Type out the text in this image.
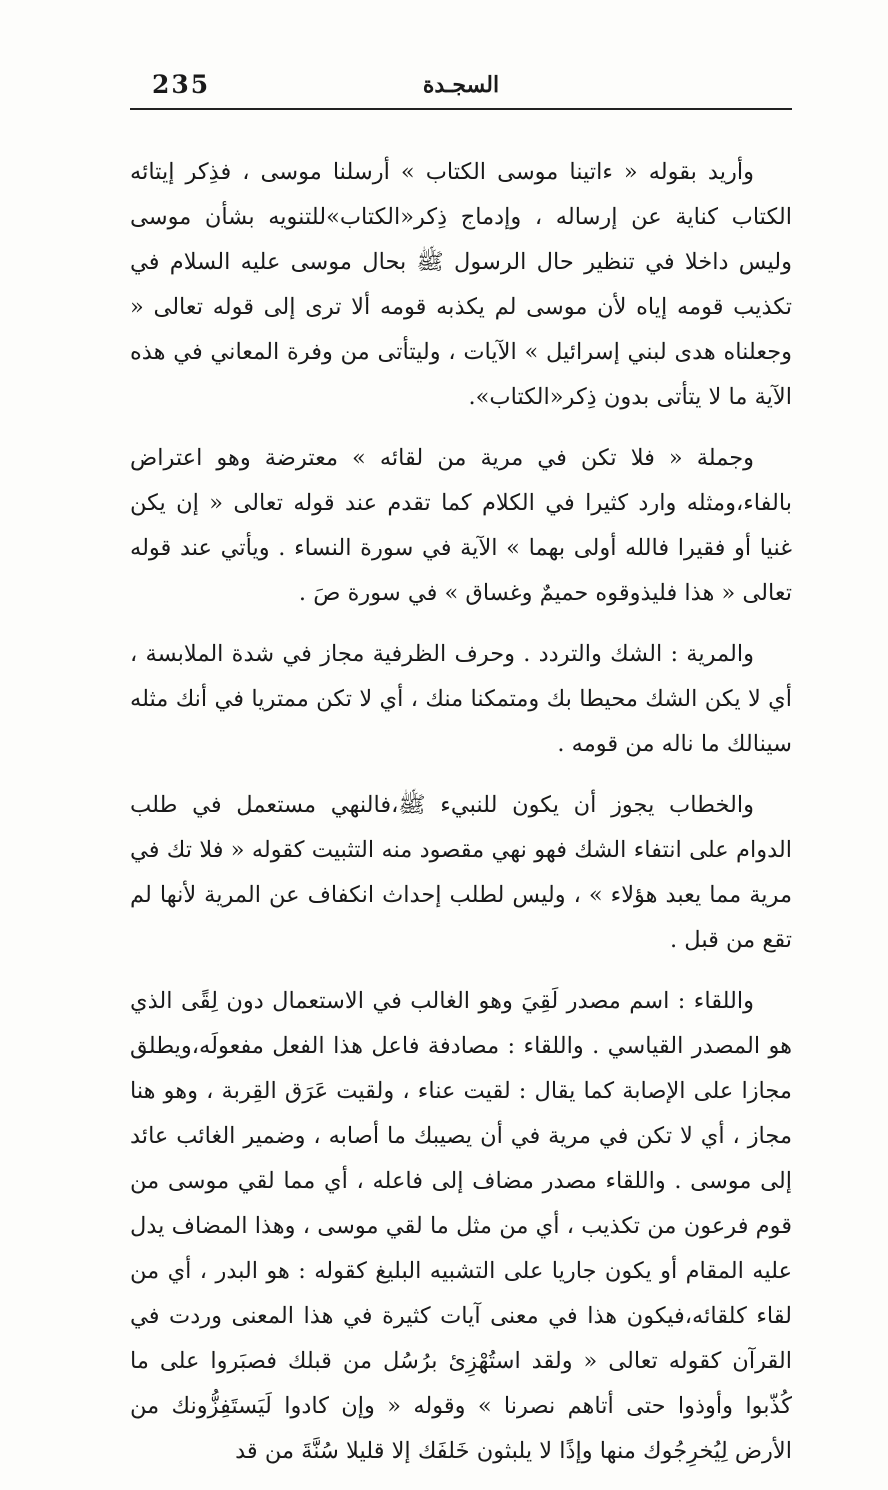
235	السجـدة

وأريد بقوله « ءاتينا موسى الكتاب » أرسلنا موسى ، فذِكر إيتائه الكتاب كناية عن إرساله ، وإدماج ذِكر«الكتاب»للتنويه بشأن موسى وليس داخلا في تنظير حال الرسول ﷺ بحال موسى عليه السلام في تكذيب قومه إياه لأن موسى لم يكذبه قومه ألا ترى إلى قوله تعالى « وجعلناه هدى لبني إسرائيل » الآيات ، وليتأتى من وفرة المعاني في هذه الآية ما لا يتأتى بدون ذِكر«الكتاب».

وجملة « فلا تكن في مرية من لقائه » معترضة وهو اعتراض بالفاء،ومثله وارد كثيرا في الكلام كما تقدم عند قوله تعالى « إن يكن غنيا أو فقيرا فالله أولى بهما » الآية في سورة النساء . ويأتي عند قوله تعالى « هذا فليذوقوه حميمٌ وغساق » في سورة صَ .

والمرية : الشك والتردد . وحرف الظرفية مجاز في شدة الملابسة ، أي لا يكن الشك محيطا بك ومتمكنا منك ، أي لا تكن ممتريا في أنك مثله سينالك ما ناله من قومه .

والخطاب يجوز أن يكون للنبيء ﷺ،فالنهي مستعمل في طلب الدوام على انتفاء الشك فهو نهي مقصود منه التثبيت كقوله « فلا تك في مرية مما يعبد هؤلاء » ، وليس لطلب إحداث انكفاف عن المرية لأنها لم تقع من قبل .

واللقاء : اسم مصدر لَقِيَ وهو الغالب في الاستعمال دون لِقًى الذي هو المصدر القياسي . واللقاء : مصادفة فاعل هذا الفعل مفعولَه،ويطلق مجازا على الإصابة كما يقال : لقيت عناء ، ولقيت عَرَق القِربة ، وهو هنا مجاز ، أي لا تكن في مرية في أن يصيبك ما أصابه ، وضمير الغائب عائد إلى موسى . واللقاء مصدر مضاف إلى فاعله ، أي مما لقي موسى من قوم فرعون من تكذيب ، أي من مثل ما لقي موسى ، وهذا المضاف يدل عليه المقام أو يكون جاريا على التشبيه البليغ كقوله : هو البدر ، أي من لقاء كلقائه،فيكون هذا في معنى آيات كثيرة في هذا المعنى وردت في القرآن كقوله تعالى « ولقد استُهْزِئ برُسُل من قبلك فصبَروا على ما كُذّبوا وأوذوا حتى أتاهم نصرنا » وقوله « وإن كادوا لَيَستَفِزُّونك من الأرض لِيُخرِجُوك منها وإذًا لا يلبثون خَلفَك إلا قليلا سُنَّةَ من قد
